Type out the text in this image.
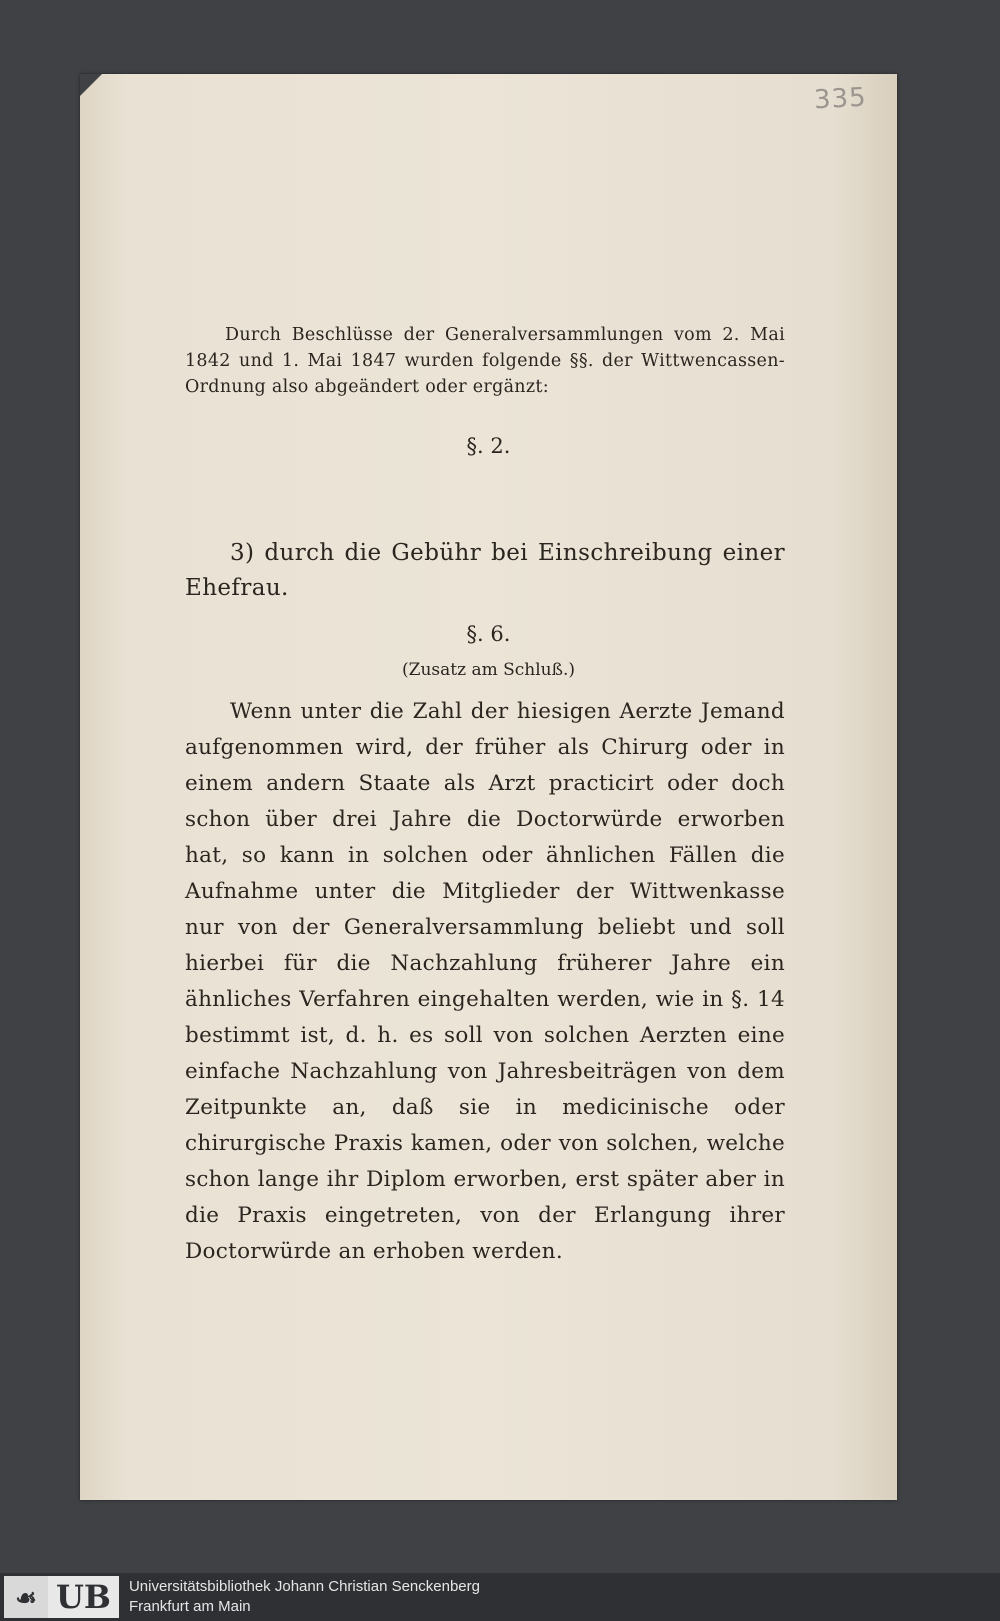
335
Durch Beschlüsse der Generalversammlungen vom 2. Mai 1842 und 1. Mai 1847 wurden folgende §§. der Wittwencassen-Ordnung also abgeändert oder ergänzt:
§. 2.
3) durch die Gebühr bei Einschreibung einer Ehefrau.
§. 6.
(Zusatz am Schluß.)
Wenn unter die Zahl der hiesigen Aerzte Jemand aufgenommen wird, der früher als Chirurg oder in einem andern Staate als Arzt practicirt oder doch schon über drei Jahre die Doctorwürde erworben hat, so kann in solchen oder ähnlichen Fällen die Aufnahme unter die Mitglieder der Wittwenkasse nur von der Generalversammlung beliebt und soll hierbei für die Nachzahlung früherer Jahre ein ähnliches Verfahren eingehalten werden, wie in §. 14 bestimmt ist, d. h. es soll von solchen Aerzten eine einfache Nachzahlung von Jahresbeiträgen von dem Zeitpunkte an, daß sie in medicinische oder chirurgische Praxis kamen, oder von solchen, welche schon lange ihr Diplom erworben, erst später aber in die Praxis eingetreten, von der Erlangung ihrer Doctorwürde an erhoben werden.
☙ UB	Universitätsbibliothek Johann Christian Senckenberg
Frankfurt am Main
